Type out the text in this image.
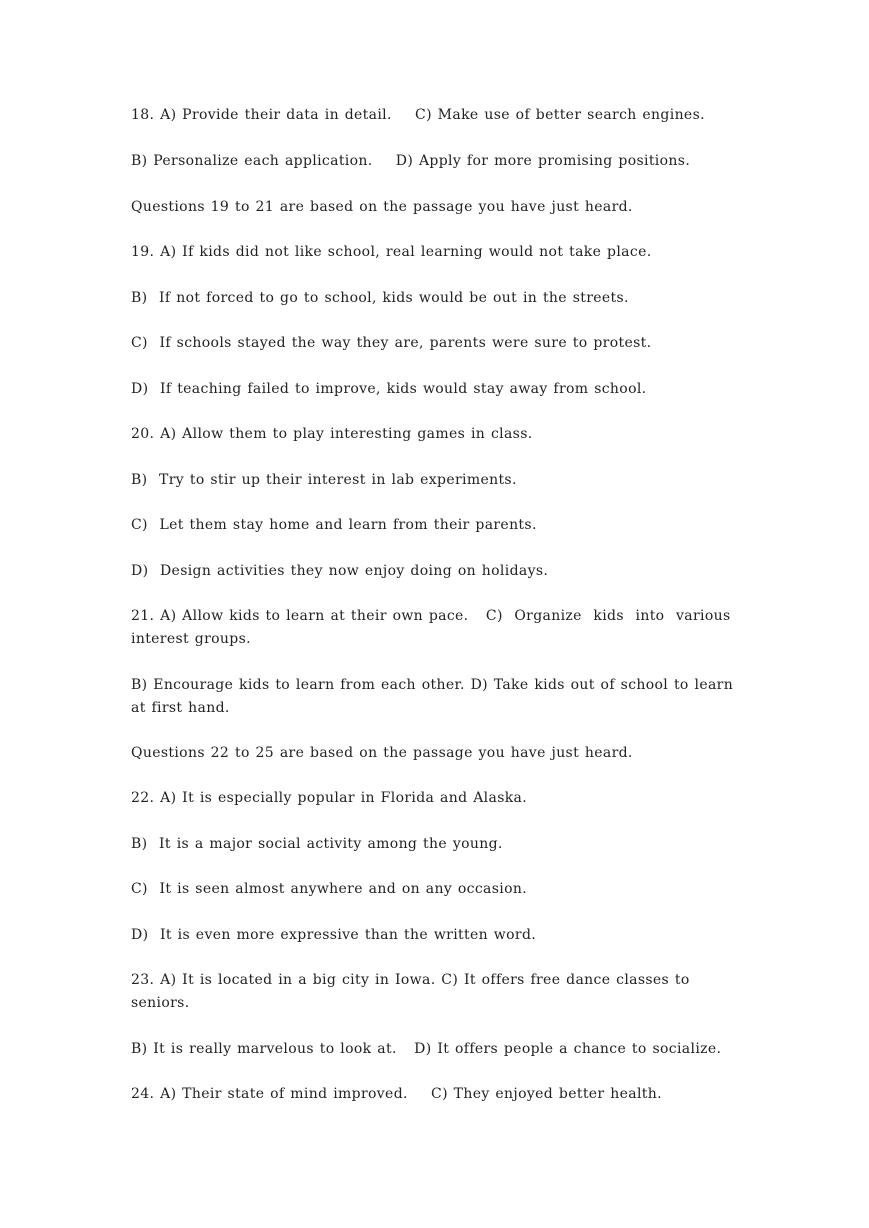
18. A) Provide their data in detail.    C) Make use of better search engines.
B) Personalize each application.    D) Apply for more promising positions.
Questions 19 to 21 are based on the passage you have just heard.
19. A) If kids did not like school, real learning would not take place.
B)  If not forced to go to school, kids would be out in the streets.
C)  If schools stayed the way they are, parents were sure to protest.
D)  If teaching failed to improve, kids would stay away from school.
20. A) Allow them to play interesting games in class.
B)  Try to stir up their interest in lab experiments.
C)  Let them stay home and learn from their parents.
D)  Design activities they now enjoy doing on holidays.
21. A) Allow kids to learn at their own pace.   C)  Organize  kids  into  various interest groups.
B) Encourage kids to learn from each other. D) Take kids out of school to learn at first hand.
Questions 22 to 25 are based on the passage you have just heard.
22. A) It is especially popular in Florida and Alaska.
B)  It is a major social activity among the young.
C)  It is seen almost anywhere and on any occasion.
D)  It is even more expressive than the written word.
23. A) It is located in a big city in Iowa. C) It offers free dance classes to seniors.
B) It is really marvelous to look at.   D) It offers people a chance to socialize.
24. A) Their state of mind improved.    C) They enjoyed better health.
